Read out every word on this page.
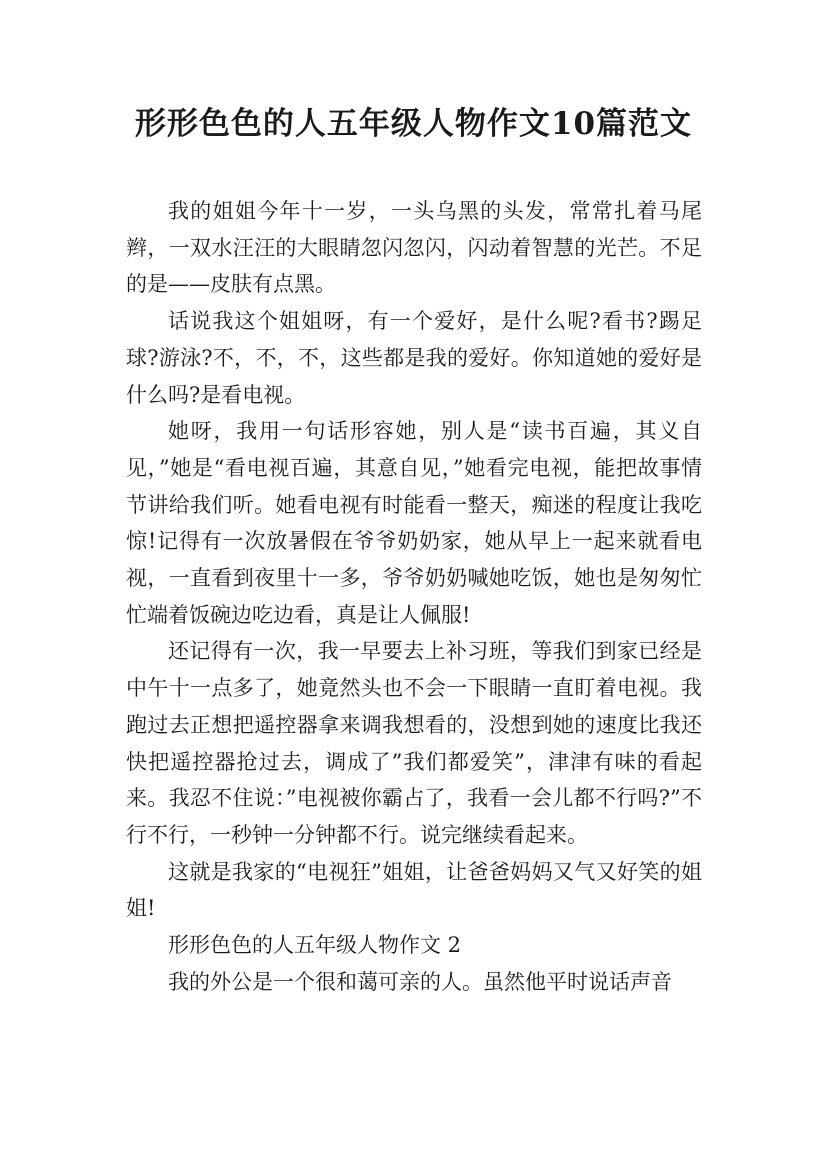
形形色色的人五年级人物作文10篇范文

我的姐姐今年十一岁，一头乌黑的头发，常常扎着马尾辫，一双水汪汪的大眼睛忽闪忽闪，闪动着智慧的光芒。不足的是——皮肤有点黑。

话说我这个姐姐呀，有一个爱好，是什么呢?看书?踢足球?游泳?不，不，不，这些都是我的爱好。你知道她的爱好是什么吗?是看电视。

她呀，我用一句话形容她，别人是“读书百遍，其义自见，”她是“看电视百遍，其意自见，”她看完电视，能把故事情节讲给我们听。她看电视有时能看一整天，痴迷的程度让我吃惊!记得有一次放暑假在爷爷奶奶家，她从早上一起来就看电视，一直看到夜里十一多，爷爷奶奶喊她吃饭，她也是匆匆忙忙端着饭碗边吃边看，真是让人佩服!

还记得有一次，我一早要去上补习班，等我们到家已经是中午十一点多了，她竟然头也不会一下眼睛一直盯着电视。我跑过去正想把遥控器拿来调我想看的，没想到她的速度比我还快把遥控器抢过去，调成了”我们都爱笑”，津津有味的看起来。我忍不住说：”电视被你霸占了，我看一会儿都不行吗?”不行不行，一秒钟一分钟都不行。说完继续看起来。

这就是我家的“电视狂”姐姐，让爸爸妈妈又气又好笑的姐姐!

形形色色的人五年级人物作文 2

我的外公是一个很和蔼可亲的人。虽然他平时说话声音
